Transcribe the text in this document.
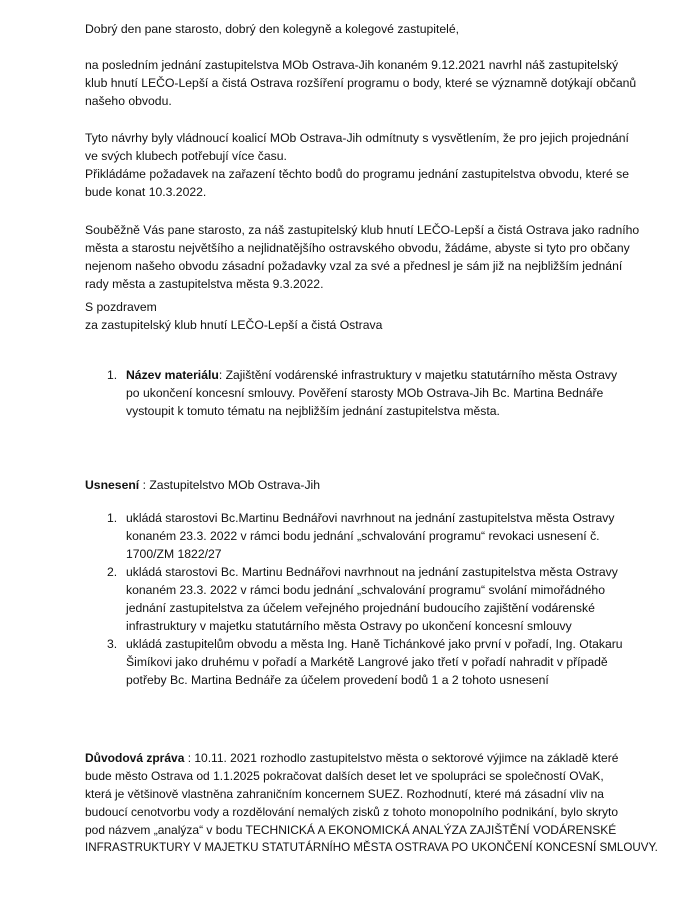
Dobrý den pane starosto, dobrý den kolegyně a kolegové zastupitelé,

na posledním jednání zastupitelstva MOb Ostrava-Jih konaném 9.12.2021 navrhl náš zastupitelský

klub hnutí LEČO-Lepší a čistá Ostrava rozšíření programu o body, které se významně dotýkají občanů

našeho obvodu.

Tyto návrhy byly vládnoucí koalicí MOb Ostrava-Jih odmítnuty s vysvětlením, že pro jejich projednání

ve svých klubech potřebují více času.

Přikládáme požadavek na zařazení těchto bodů do programu jednání zastupitelstva obvodu, které se

bude konat 10.3.2022.

Souběžně Vás pane starosto, za náš zastupitelský klub hnutí LEČO-Lepší a čistá Ostrava jako radního

města a starostu největšího a nejlidnatějšího ostravského obvodu, žádáme, abyste si tyto pro občany

nejenom našeho obvodu zásadní požadavky vzal za své a přednesl je sám již na nejbližším jednání

rady města a zastupitelstva města 9.3.2022.

S pozdravem

za zastupitelský klub hnutí LEČO-Lepší a čistá Ostrava

1. Název materiálu: Zajištění vodárenské infrastruktury v majetku statutárního města Ostravy

po ukončení koncesní smlouvy. Pověření starosty MOb Ostrava-Jih Bc. Martina Bednáře

vystoupit k tomuto tématu na nejbližším jednání zastupitelstva města.

Usnesení : Zastupitelstvo MOb Ostrava-Jih

1. ukládá starostovi Bc.Martinu Bednářovi navrhnout na jednání zastupitelstva města Ostravy

konaném 23.3. 2022 v rámci bodu jednání „schvalování programu“ revokaci usnesení č.

1700/ZM 1822/27

2. ukládá starostovi Bc. Martinu Bednářovi navrhnout na jednání zastupitelstva města Ostravy

konaném 23.3. 2022 v rámci bodu jednání „schvalování programu“ svolání mimořádného

jednání zastupitelstva za účelem veřejného projednání budoucího zajištění vodárenské

infrastruktury v majetku statutárního města Ostravy po ukončení koncesní smlouvy

3. ukládá zastupitelům obvodu a města Ing. Haně Tichánkové jako první v pořadí, Ing. Otakaru

Šimíkovi jako druhému v pořadí a Markétě Langrové jako třetí v pořadí nahradit v případě

potřeby Bc. Martina Bednáře za účelem provedení bodů 1 a 2 tohoto usnesení

Důvodová zpráva : 10.11. 2021 rozhodlo zastupitelstvo města o sektorové výjimce na základě které

bude město Ostrava od 1.1.2025 pokračovat dalších deset let ve spolupráci se společností OVaK,

která je většinově vlastněna zahraničním koncernem SUEZ. Rozhodnutí, které má zásadní vliv na

budoucí cenotvorbu vody a rozdělování nemalých zisků z tohoto monopolního podnikání, bylo skryto

pod názvem „analýza“ v bodu TECHNICKÁ A EKONOMICKÁ ANALÝZA ZAJIŠTĚNÍ VODÁRENSKÉ

INFRASTRUKTURY V MAJETKU STATUTÁRNÍHO MĚSTA OSTRAVA PO UKONČENÍ KONCESNÍ SMLOUVY.
